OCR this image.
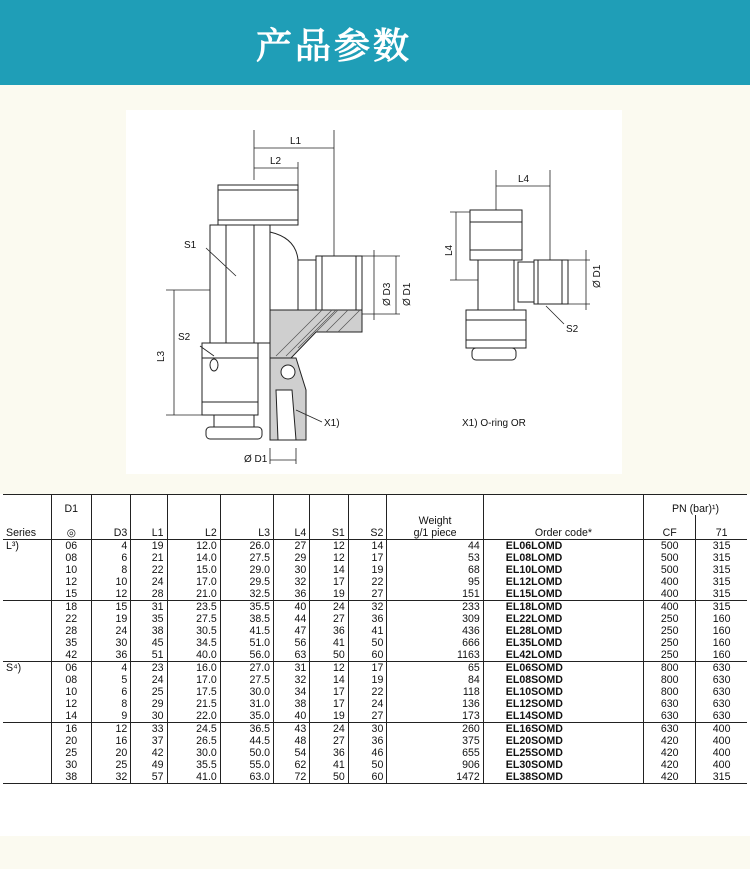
产品参数
L1
L2
S1
S2
L3
Ø D3 Ø D1
Ø D1
X1)
L4
L4
Ø D1
S2
X1) O-ring OR
	D1										PN (bar)¹)	
Series	◎	D3	L1	L2	L3	L4	S1	S2	Weight
g/1 piece	Order code*	CF	71
L³)	06	4	19	12.0	26.0	27	12	14	44	EL06LOMD	500	315
	08	6	21	14.0	27.5	29	12	17	53	EL08LOMD	500	315
	10	8	22	15.0	29.0	30	14	19	68	EL10LOMD	500	315
	12	10	24	17.0	29.5	32	17	22	95	EL12LOMD	400	315
	15	12	28	21.0	32.5	36	19	27	151	EL15LOMD	400	315
	18	15	31	23.5	35.5	40	24	32	233	EL18LOMD	400	315
	22	19	35	27.5	38.5	44	27	36	309	EL22LOMD	250	160
	28	24	38	30.5	41.5	47	36	41	436	EL28LOMD	250	160
	35	30	45	34.5	51.0	56	41	50	666	EL35LOMD	250	160
	42	36	51	40.0	56.0	63	50	60	1163	EL42LOMD	250	160
S⁴)	06	4	23	16.0	27.0	31	12	17	65	EL06SOMD	800	630
	08	5	24	17.0	27.5	32	14	19	84	EL08SOMD	800	630
	10	6	25	17.5	30.0	34	17	22	118	EL10SOMD	800	630
	12	8	29	21.5	31.0	38	17	24	136	EL12SOMD	630	630
	14	9	30	22.0	35.0	40	19	27	173	EL14SOMD	630	630
	16	12	33	24.5	36.5	43	24	30	260	EL16SOMD	630	400
	20	16	37	26.5	44.5	48	27	36	375	EL20SOMD	420	400
	25	20	42	30.0	50.0	54	36	46	655	EL25SOMD	420	400
	30	25	49	35.5	55.0	62	41	50	906	EL30SOMD	420	400
	38	32	57	41.0	63.0	72	50	60	1472	EL38SOMD	420	315
